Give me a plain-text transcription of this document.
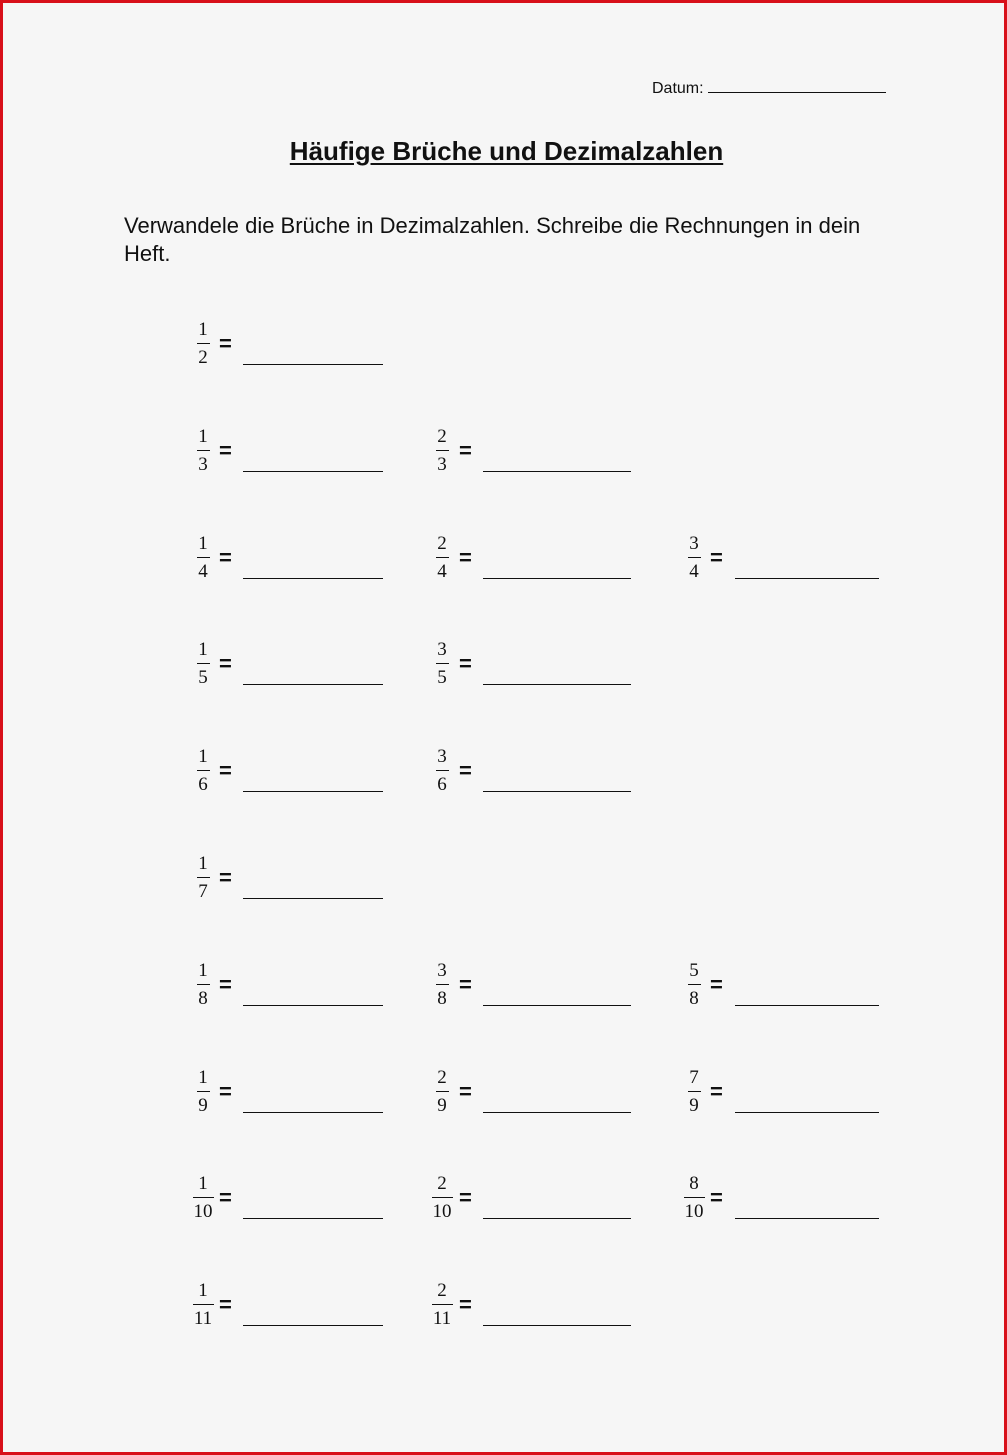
Datum:
Häufige Brüche und Dezimalzahlen
Verwandele die Brüche in Dezimalzahlen. Schreibe die Rechnungen in dein Heft.
1
2
=
1
3
=
2
3
=
1
4
=
2
4
=
3
4
=
1
5
=
3
5
=
1
6
=
3
6
=
1
7
=
1
8
=
3
8
=
5
8
=
1
9
=
2
9
=
7
9
=
1
10
=
2
10
=
8
10
=
1
11
=
2
11
=
